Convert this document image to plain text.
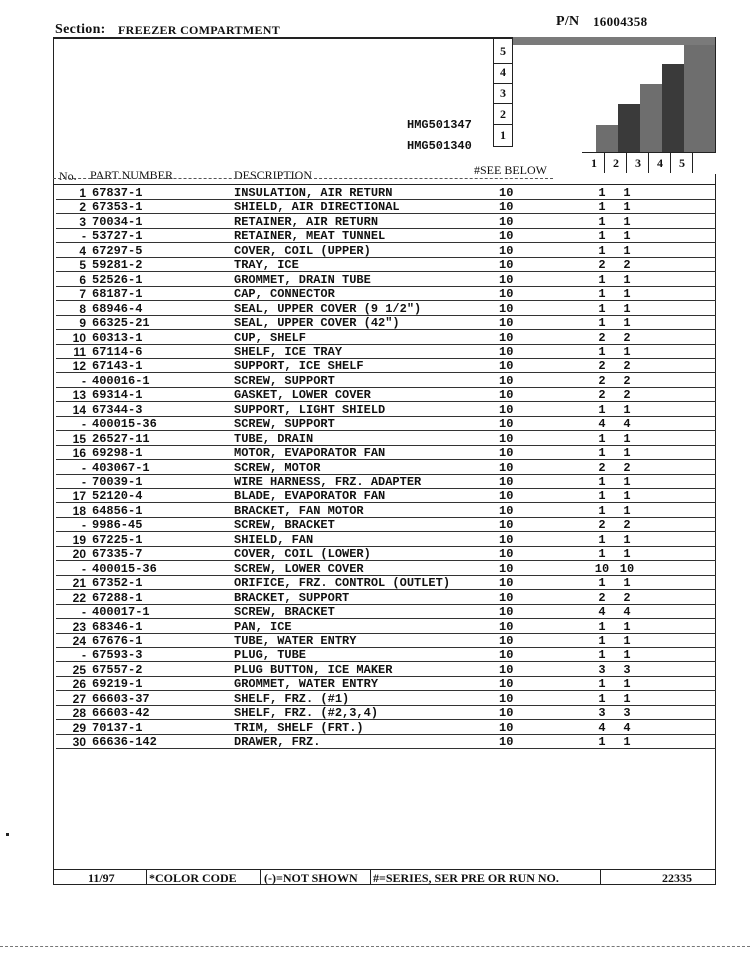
Section: FREEZER COMPARTMENT
P/N 16004358
5
4
3
2
1
HMG501347
HMG501340
1	2	3	4	5
No. PART NUMBER	DESCRIPTION	#SEE BELOW
1 67837-1	INSULATION, AIR RETURN	10	1	1
2 67353-1	SHIELD, AIR DIRECTIONAL	10	1	1
3 70034-1	RETAINER, AIR RETURN	10	1	1
- 53727-1	RETAINER, MEAT TUNNEL	10	1	1
4 67297-5	COVER, COIL (UPPER)	10	1	1
5 59281-2	TRAY, ICE	10	2	2
6 52526-1	GROMMET, DRAIN TUBE	10	1	1
7 68187-1	CAP, CONNECTOR	10	1	1
8 68946-4	SEAL, UPPER COVER (9 1/2")	10	1	1
9 66325-21	SEAL, UPPER COVER (42")	10	1	1
10 60313-1	CUP, SHELF	10	2	2
11 67114-6	SHELF, ICE TRAY	10	1	1
12 67143-1	SUPPORT, ICE SHELF	10	2	2
- 400016-1	SCREW, SUPPORT	10	2	2
13 69314-1	GASKET, LOWER COVER	10	2	2
14 67344-3	SUPPORT, LIGHT SHIELD	10	1	1
- 400015-36	SCREW, SUPPORT	10	4	4
15 26527-11	TUBE, DRAIN	10	1	1
16 69298-1	MOTOR, EVAPORATOR FAN	10	1	1
- 403067-1	SCREW, MOTOR	10	2	2
- 70039-1	WIRE HARNESS, FRZ. ADAPTER	10	1	1
17 52120-4	BLADE, EVAPORATOR FAN	10	1	1
18 64856-1	BRACKET, FAN MOTOR	10	1	1
- 9986-45	SCREW, BRACKET	10	2	2
19 67225-1	SHIELD, FAN	10	1	1
20 67335-7	COVER, COIL (LOWER)	10	1	1
- 400015-36	SCREW, LOWER COVER	10	10 10
21 67352-1	ORIFICE, FRZ. CONTROL (OUTLET)	10	1	1
22 67288-1	BRACKET, SUPPORT	10	2	2
- 400017-1	SCREW, BRACKET	10	4	4
23 68346-1	PAN, ICE	10	1	1
24 67676-1	TUBE, WATER ENTRY	10	1	1
- 67593-3	PLUG, TUBE	10	1	1
25 67557-2	PLUG BUTTON, ICE MAKER	10	3	3
26 69219-1	GROMMET, WATER ENTRY	10	1	1
27 66603-37	SHELF, FRZ. (#1)	10	1	1
28 66603-42	SHELF, FRZ. (#2,3,4)	10	3	3
29 70137-1	TRIM, SHELF (FRT.)	10	4	4
30 66636-142	DRAWER, FRZ.	10	1	1
11/97	*COLOR CODE (-)=NOT SHOWN #=SERIES, SER PRE OR RUN NO.	22335
